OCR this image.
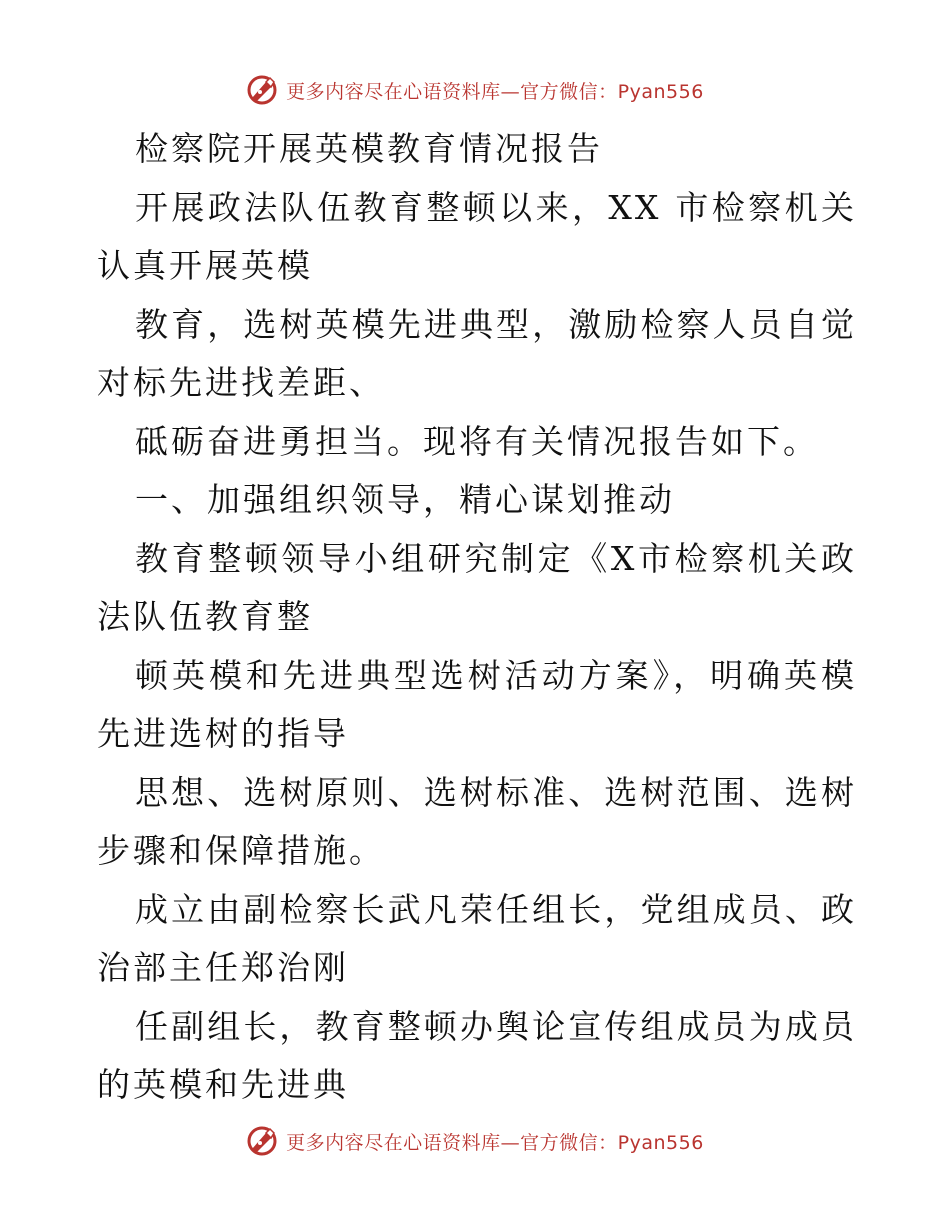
更多内容尽在心语资料库—官方微信：Pyan556

检察院开展英模教育情况报告

开展政法队伍教育整顿以来，XX 市检察机关认真开展英模

教育，选树英模先进典型，激励检察人员自觉对标先进找差距、

砥砺奋进勇担当。现将有关情况报告如下。

一、加强组织领导，精心谋划推动

教育整顿领导小组研究制定《X市检察机关政法队伍教育整

顿英模和先进典型选树活动方案》，明确英模先进选树的指导

思想、选树原则、选树标准、选树范围、选树步骤和保障措施。

成立由副检察长武凡荣任组长，党组成员、政治部主任郑治刚

任副组长，教育整顿办舆论宣传组成员为成员的英模和先进典

更多内容尽在心语资料库—官方微信：Pyan556
